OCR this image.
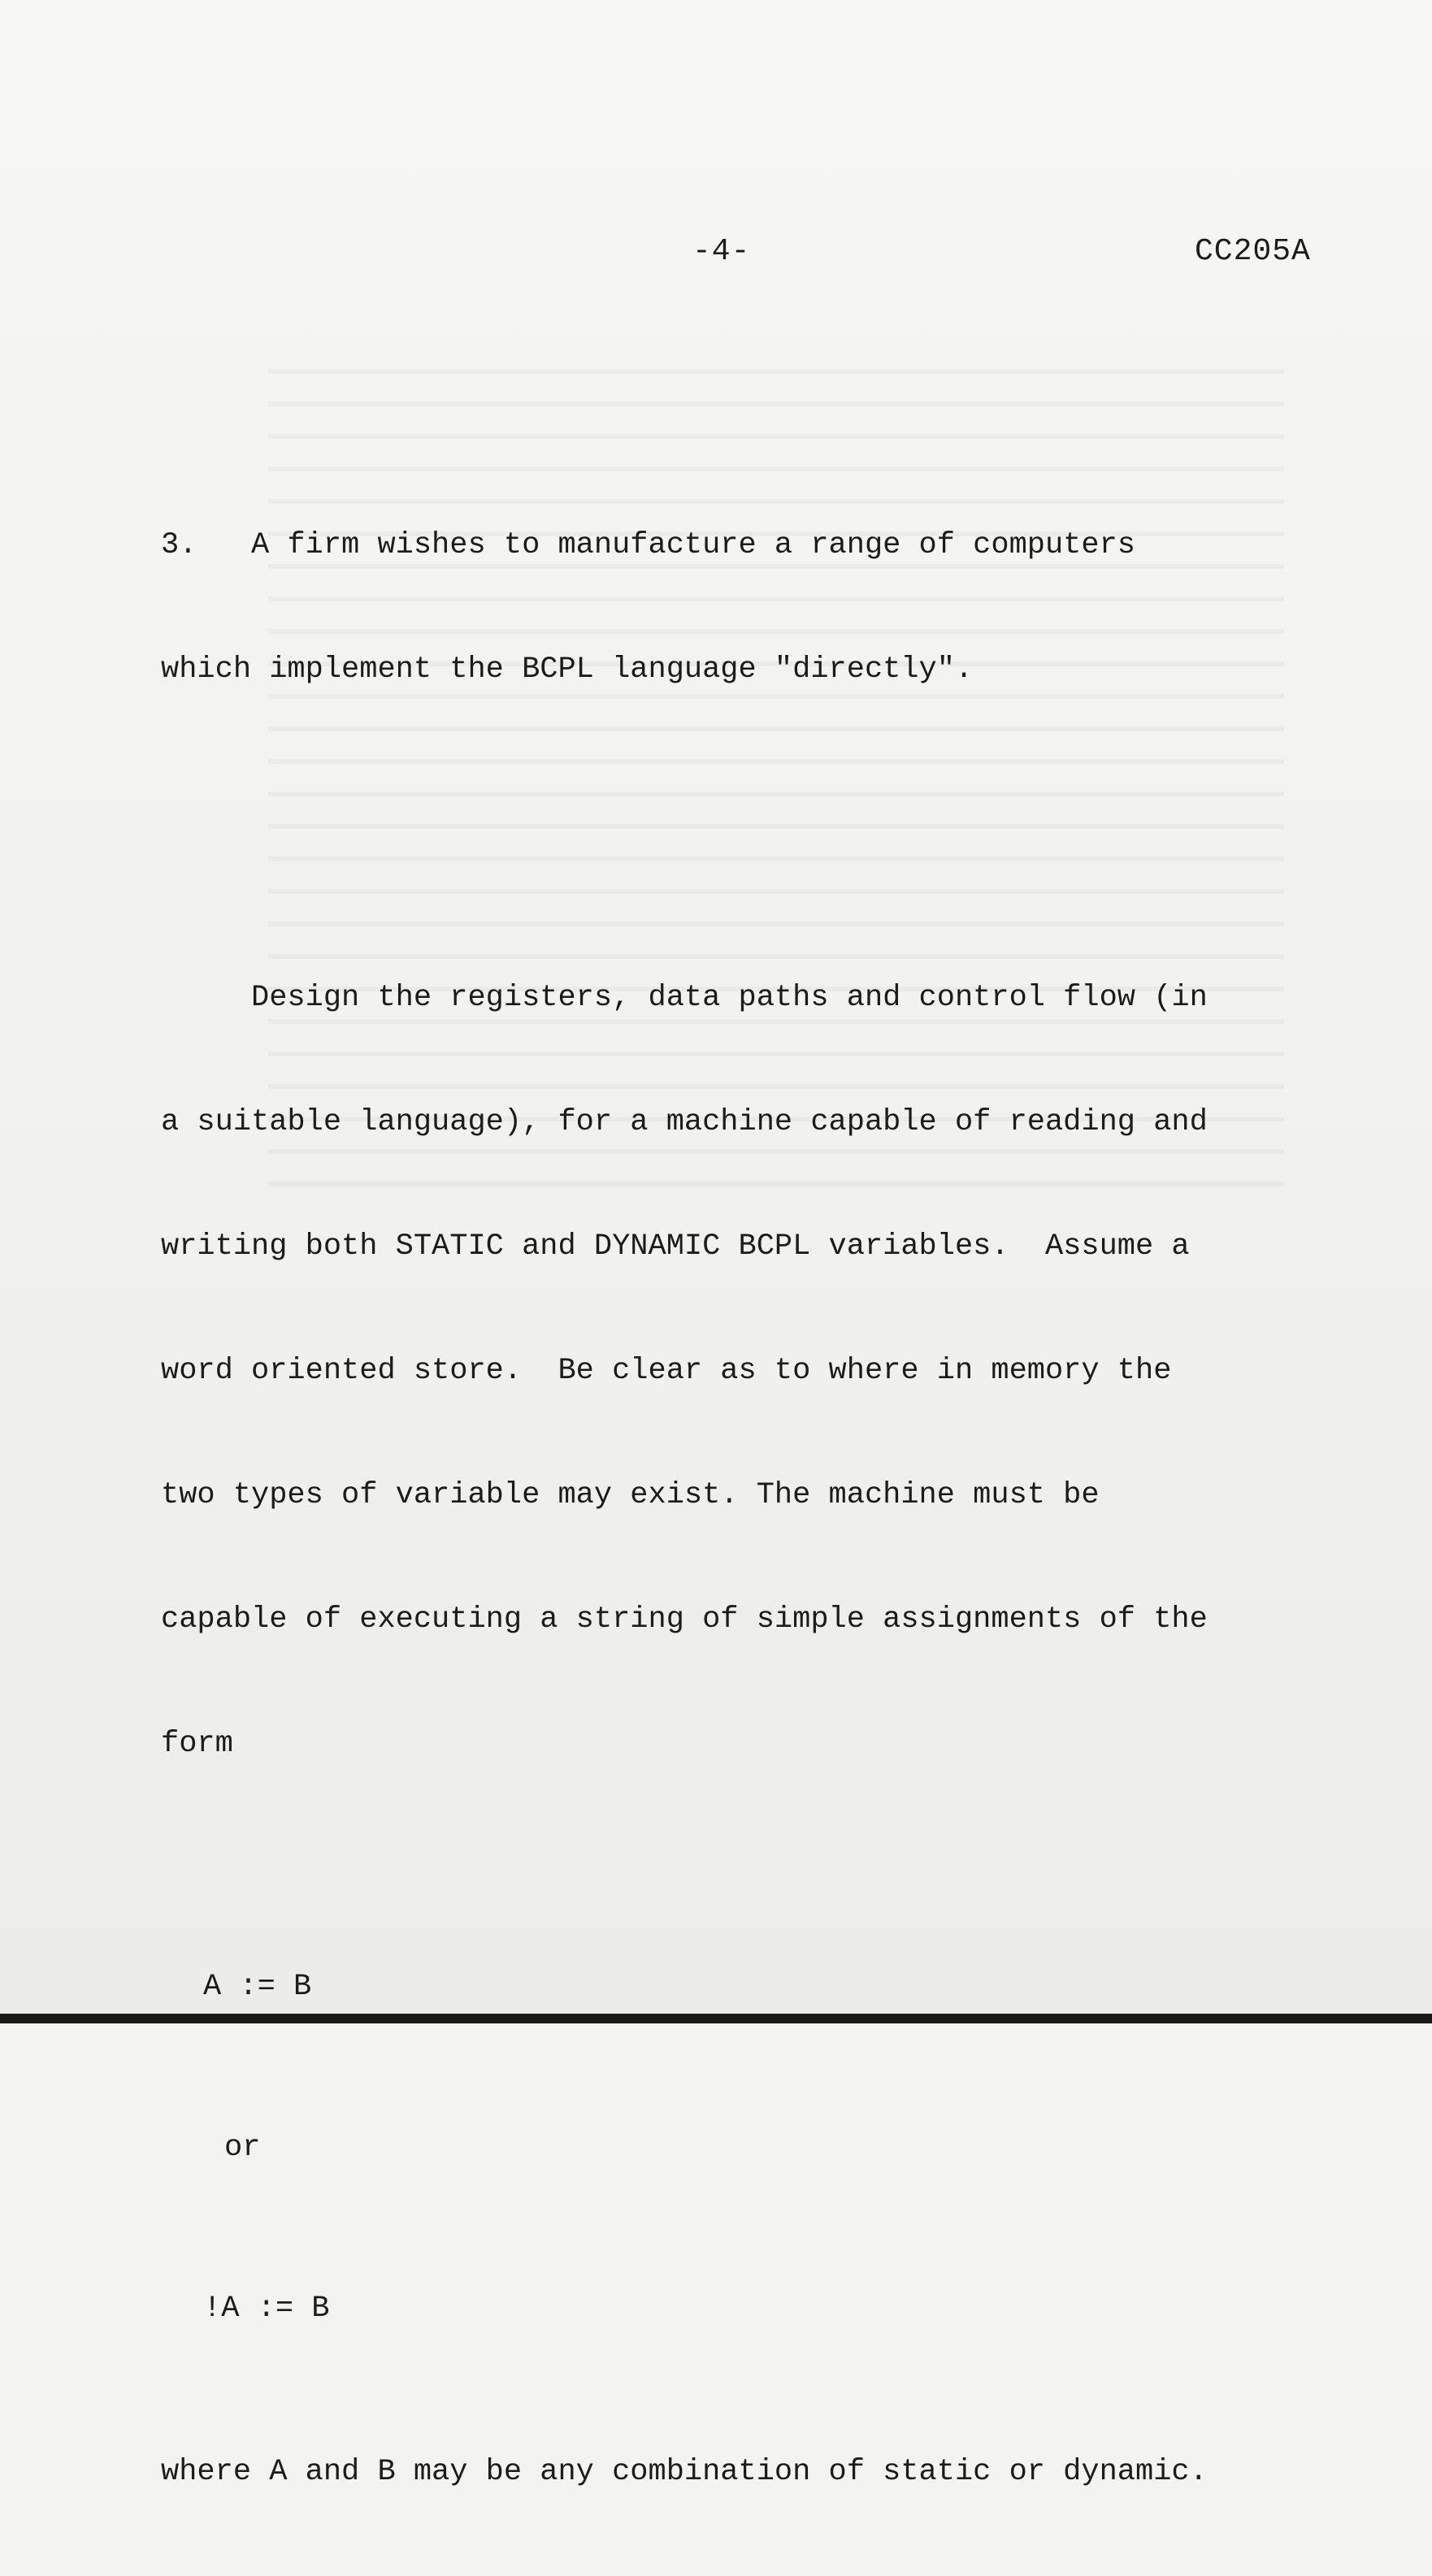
-4-	CC205A

3.   A firm wishes to manufacture a range of computers

which implement the BCPL language "directly".

Design the registers, data paths and control flow (in

a suitable language), for a machine capable of reading and

writing both STATIC and DYNAMIC BCPL variables.  Assume a

word oriented store.  Be clear as to where in memory the

two types of variable may exist. The machine must be

capable of executing a string of simple assignments of the

form

A := B

or

!A := B

where A and B may be any combination of static or dynamic.
